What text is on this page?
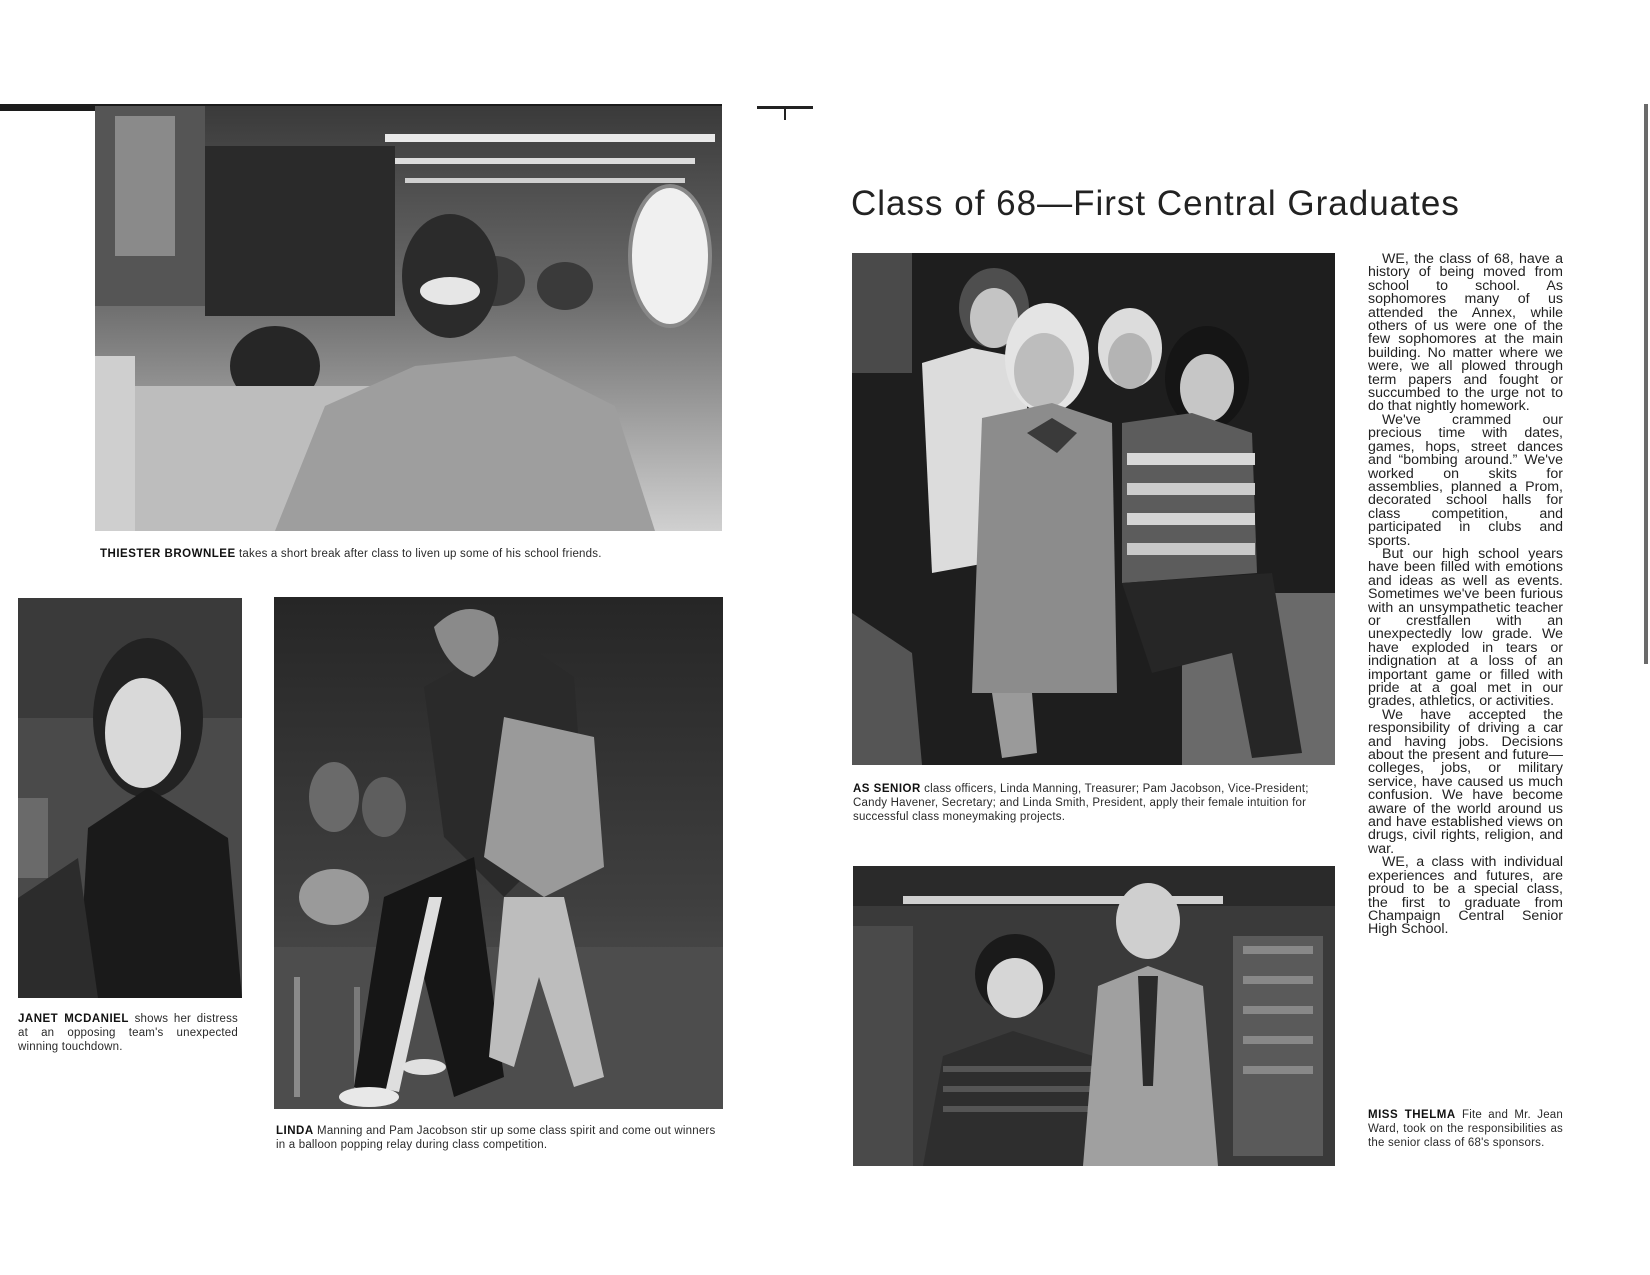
THIESTER BROWNLEE takes a short break after class to liven up some of his school friends.
JANET MCDANIEL shows her distress at an opposing team's unexpected winning touchdown.
LINDA Manning and Pam Jacobson stir up some class spirit and come out winners in a balloon popping relay during class competition.
Class of 68—First Central Graduates
AS SENIOR class officers, Linda Manning, Treasurer; Pam Jacobson, Vice-President; Candy Havener, Secretary; and Linda Smith, President, apply their female intuition for successful class moneymaking projects.

WE, the class of 68, have a history of being moved from school to school. As sophomores many of us attended the Annex, while others of us were one of the few sophomores at the main building. No matter where we were, we all plowed through term papers and fought or succumbed to the urge not to do that nightly homework.

We've crammed our precious time with dates, games, hops, street dances and “bombing around.” We've worked on skits for assemblies, planned a Prom, decorated school halls for class competition, and participated in clubs and sports.

But our high school years have been filled with emotions and ideas as well as events. Sometimes we've been furious with an unsympathetic teacher or crestfallen with an unexpectedly low grade. We have exploded in tears or indignation at a loss of an important game or filled with pride at a goal met in our grades, athletics, or activities.

We have accepted the responsibility of driving a car and having jobs. Decisions about the present and future—colleges, jobs, or military service, have caused us much confusion. We have become aware of the world around us and have established views on drugs, civil rights, religion, and war.

WE, a class with individual experiences and futures, are proud to be a special class, the first to graduate from Champaign Central Senior High School.

MISS THELMA Fite and Mr. Jean Ward, took on the responsibilities as the senior class of 68's sponsors.
